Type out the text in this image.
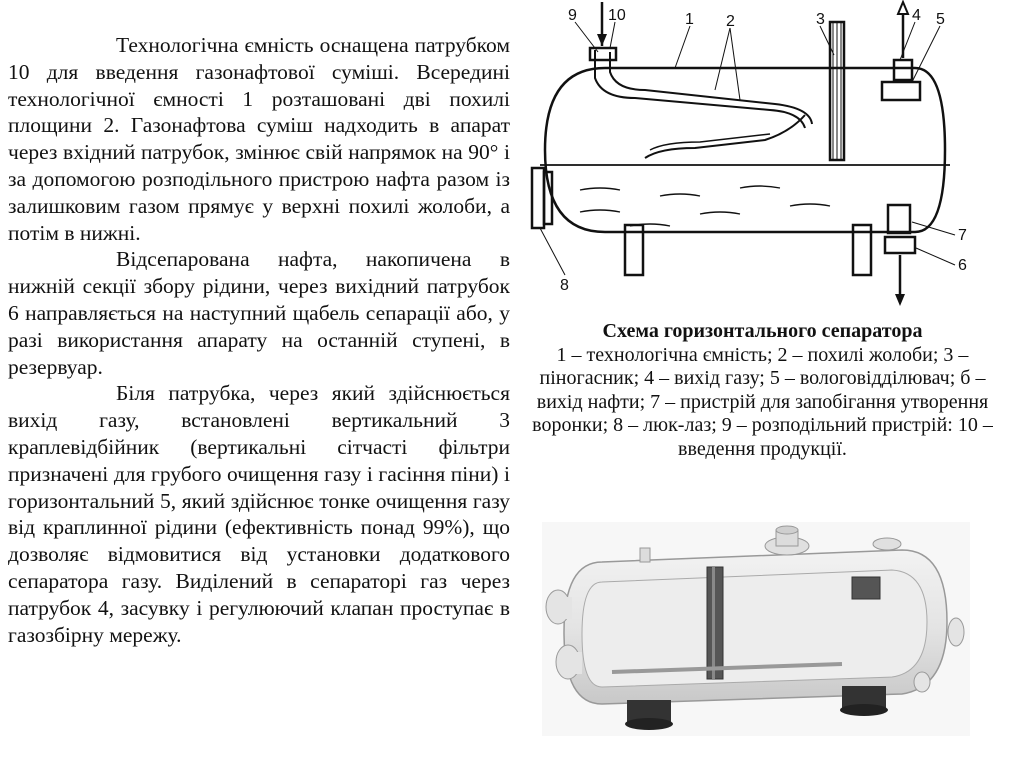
Технологічна ємність оснащена патрубком 10 для введення газонафтової суміші. Всередині технологічної ємності 1 розташовані дві похилі площини 2. Газонафтова суміш надходить в апарат через вхідний патрубок, змінює свій напрямок на 90° і за допомогою розподільного пристрою нафта разом із залишковим газом прямує у верхні похилі жолоби, а потім в нижні.

Відсепарована нафта, накопичена в нижній секції збору рідини, через вихідний патрубок 6 направляється на наступний щабель сепарації або, у разі використання апарату на останній ступені, в резервуар.

Біля патрубка, через який здійснюється вихід газу, встановлені вертикальний 3 краплевідбійник (вертикальні сітчасті фільтри призначені для грубого очищення газу і гасіння піни) і горизонтальний 5, який здійснює тонке очищення газу від краплинної рідини (ефективність понад 99%), що дозволяє відмовитися від установки додаткового сепаратора газу. Виділений в сепараторі газ через патрубок 4, засувку і регулюючий клапан проступає в газозбірну мережу.

9 10	1 2	3	4 5
7
6
8
Схема горизонтального сепаратора
1 – технологічна ємність; 2 – похилі жолоби; 3 – піногасник; 4 – вихід газу; 5 – вологовідділювач; б – вихід нафти; 7 – пристрій для запобігання утворення воронки; 8 – люк-лаз; 9 – розподільний пристрій: 10 – введення продукції.
